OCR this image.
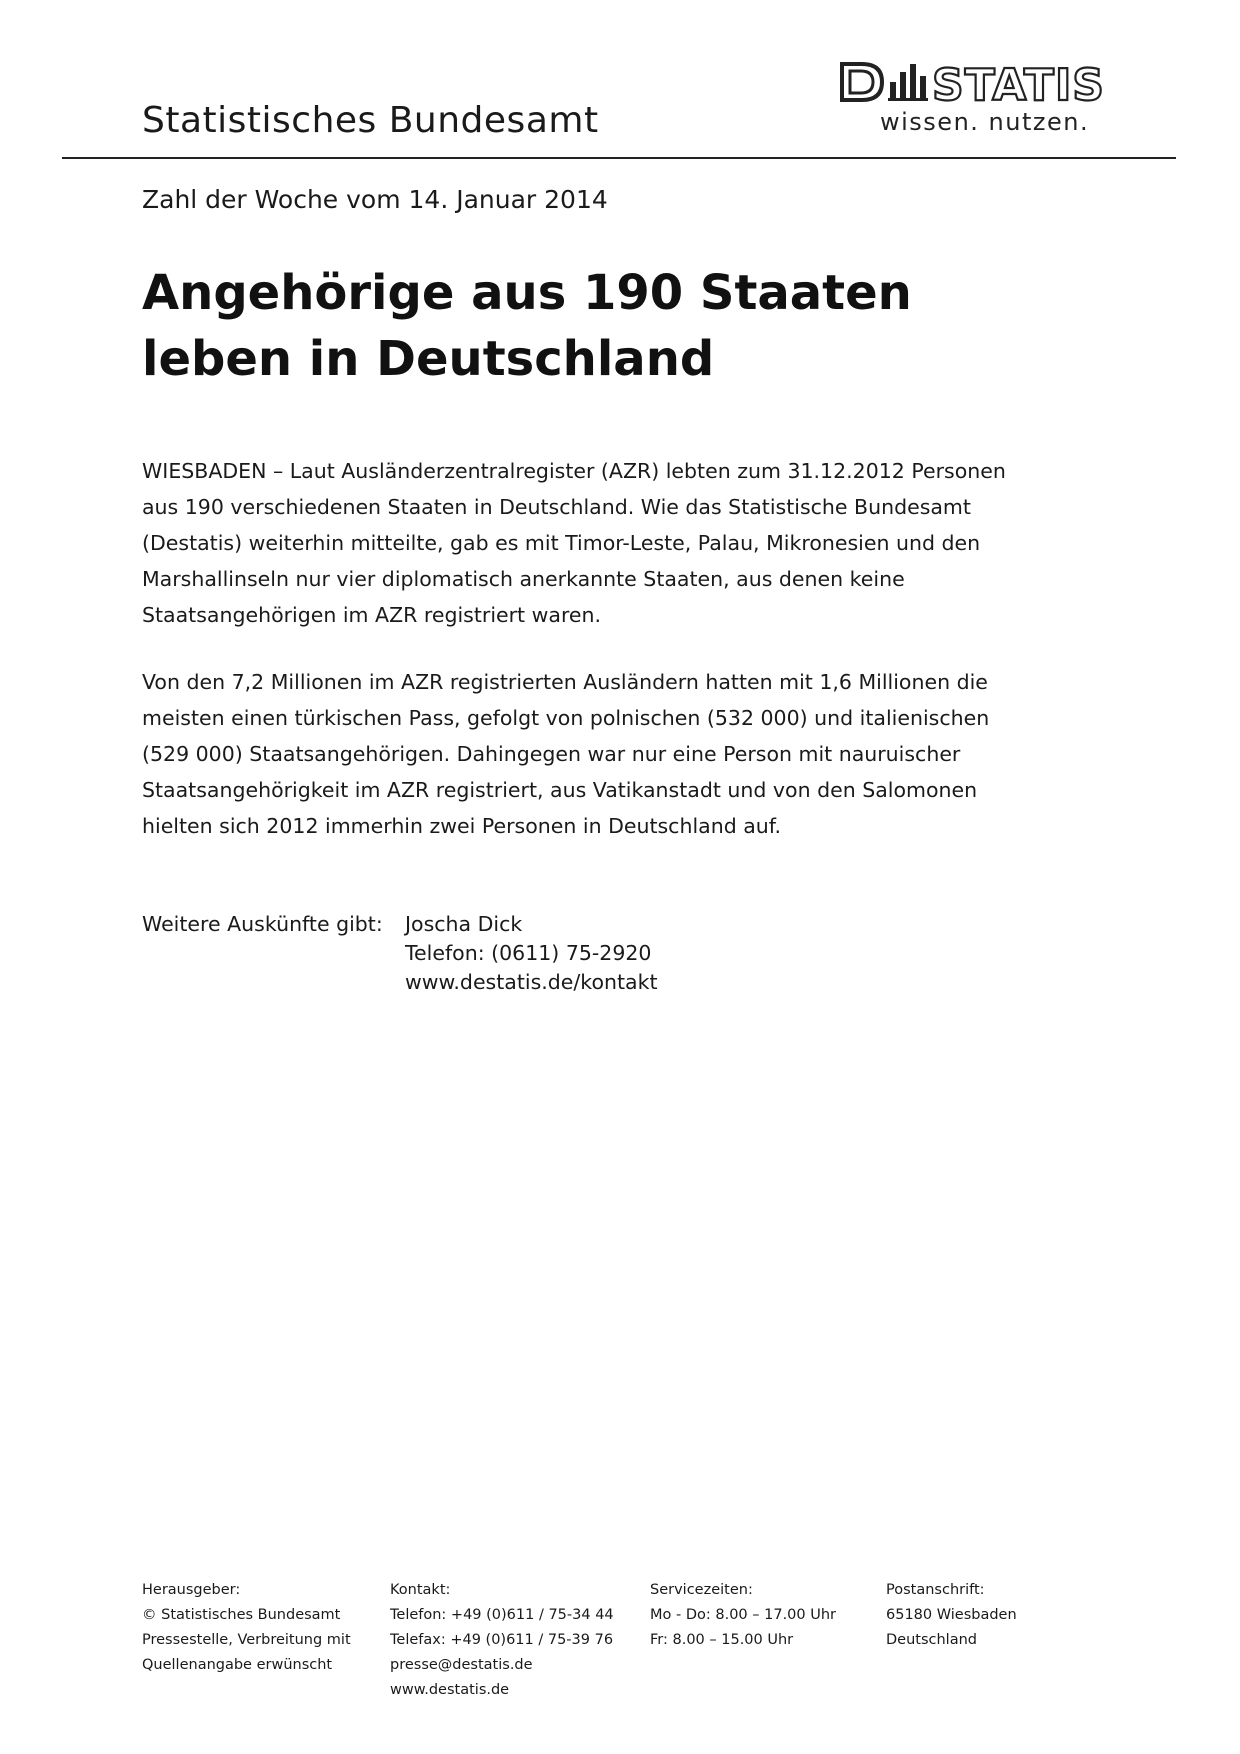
Statistisches Bundesamt
STATIS
wissen. nutzen.
Zahl der Woche vom 14. Januar 2014
Angehörige aus 190 Staaten
leben in Deutschland

WIESBADEN – Laut Ausländerzentralregister (AZR) lebten zum 31.12.2012 Personen aus 190 verschiedenen Staaten in Deutschland. Wie das Statistische Bundesamt (Destatis) weiterhin mitteilte, gab es mit Timor-Leste, Palau, Mikronesien und den Marshallinseln nur vier diplomatisch anerkannte Staaten, aus denen keine Staatsangehörigen im AZR registriert waren.

Von den 7,2 Millionen im AZR registrierten Ausländern hatten mit 1,6 Millionen die meisten einen türkischen Pass, gefolgt von polnischen (532 000) und italienischen (529 000) Staatsangehörigen. Dahingegen war nur eine Person mit nauruischer Staatsangehörigkeit im AZR registriert, aus Vatikanstadt und von den Salomonen hielten sich 2012 immerhin zwei Personen in Deutschland auf.

Weitere Auskünfte gibt: Joscha Dick
Telefon: (0611) 75-2920
www.destatis.de/kontakt
Herausgeber:
© Statistisches Bundesamt
Pressestelle, Verbreitung mit
Quellenangabe erwünscht
Kontakt:
Telefon: +49 (0)611 / 75-34 44
Telefax: +49 (0)611 / 75-39 76
presse@destatis.de
www.destatis.de
Servicezeiten:
Mo - Do: 8.00 – 17.00 Uhr
Fr: 8.00 – 15.00 Uhr
Postanschrift:
65180 Wiesbaden
Deutschland
